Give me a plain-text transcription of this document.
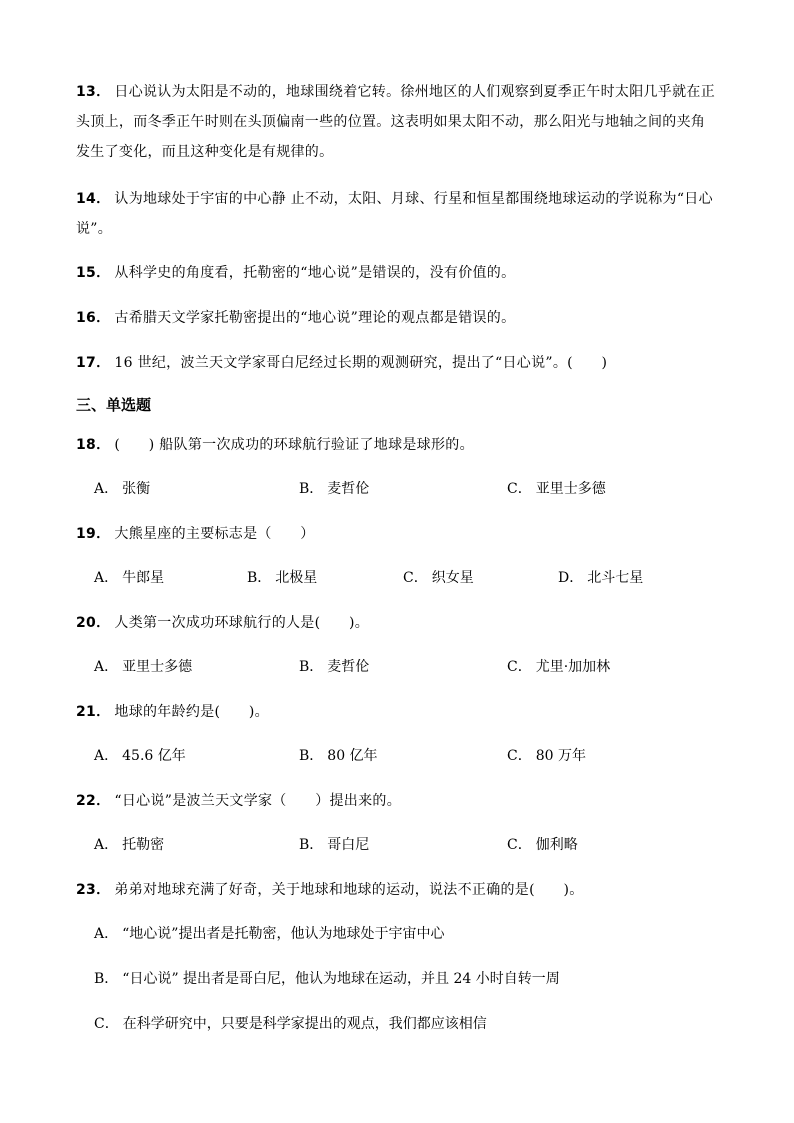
13． 日心说认为太阳是不动的，地球围绕着它转。徐州地区的人们观察到夏季正午时太阳几乎就在正头顶上，而冬季正午时则在头顶偏南一些的位置。这表明如果太阳不动，那么阳光与地轴之间的夹角发生了变化，而且这种变化是有规律的。
14． 认为地球处于宇宙的中心静 止不动，太阳、月球、行星和恒星都围绕地球运动的学说称为“日心说”。
15． 从科学史的角度看，托勒密的“地心说”是错误的，没有价值的。
16． 古希腊天文学家托勒密提出的“地心说”理论的观点都是错误的。
17． 16 世纪，波兰天文学家哥白尼经过长期的观测研究，提出了“日心说”。(　　)
三、单选题
18． (　　) 船队第一次成功的环球航行验证了地球是球形的。
A． 张衡	B． 麦哲伦	C． 亚里士多德
19． 大熊星座的主要标志是（　　）
A． 牛郎星	B． 北极星	C． 织女星	D． 北斗七星
20． 人类第一次成功环球航行的人是(　　)。
A． 亚里士多德	B． 麦哲伦	C． 尤里·加加林
21． 地球的年龄约是(　　)。
A． 45.6 亿年	B． 80 亿年	C． 80 万年
22． “日心说”是波兰天文学家（　　）提出来的。
A． 托勒密	B． 哥白尼	C． 伽利略
23． 弟弟对地球充满了好奇，关于地球和地球的运动，说法不正确的是(　　)。
A． “地心说”提出者是托勒密，他认为地球处于宇宙中心
B． “日心说” 提出者是哥白尼，他认为地球在运动，并且 24 小时自转一周
C． 在科学研究中，只要是科学家提出的观点，我们都应该相信
